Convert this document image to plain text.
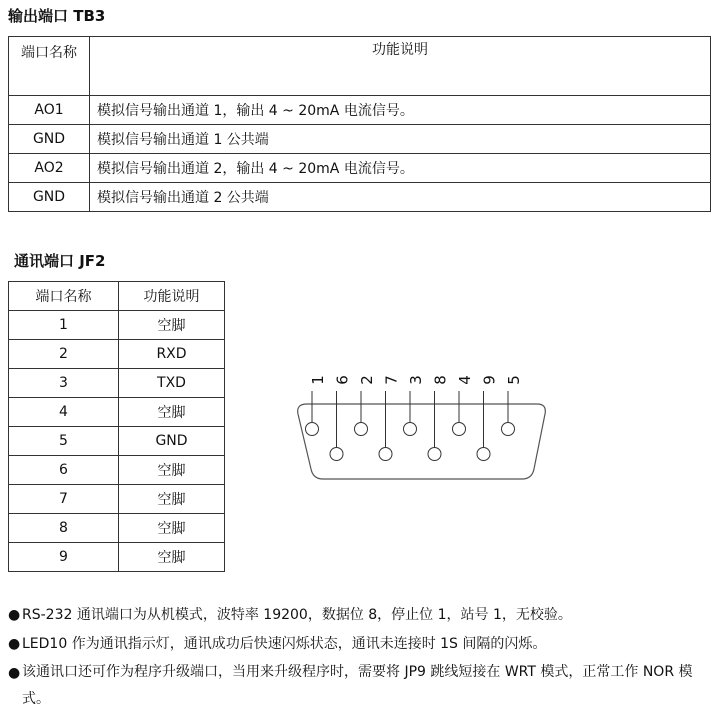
输出端口 TB3
端口名称	功能说明
AO1	模拟信号输出通道 1，输出 4 ~ 20mA 电流信号。
GND	模拟信号输出通道 1 公共端
AO2	模拟信号输出通道 2，输出 4 ~ 20mA 电流信号。
GND	模拟信号输出通道 2 公共端
通讯端口 JF2
端口名称	功能说明
1	空脚
2	RXD
3	TXD
4	空脚
5	GND
6	空脚
7	空脚
8	空脚
9	空脚
1 6 2 7 3 8 4 9 5
● RS-232 通讯端口为从机模式，波特率 19200，数据位 8，停止位 1，站号 1，无校验。
● LED10 作为通讯指示灯，通讯成功后快速闪烁状态，通讯未连接时 1S 间隔的闪烁。
● 该通讯口还可作为程序升级端口，当用来升级程序时，需要将 JP9 跳线短接在 WRT 模式，正常工作 NOR 模式。
